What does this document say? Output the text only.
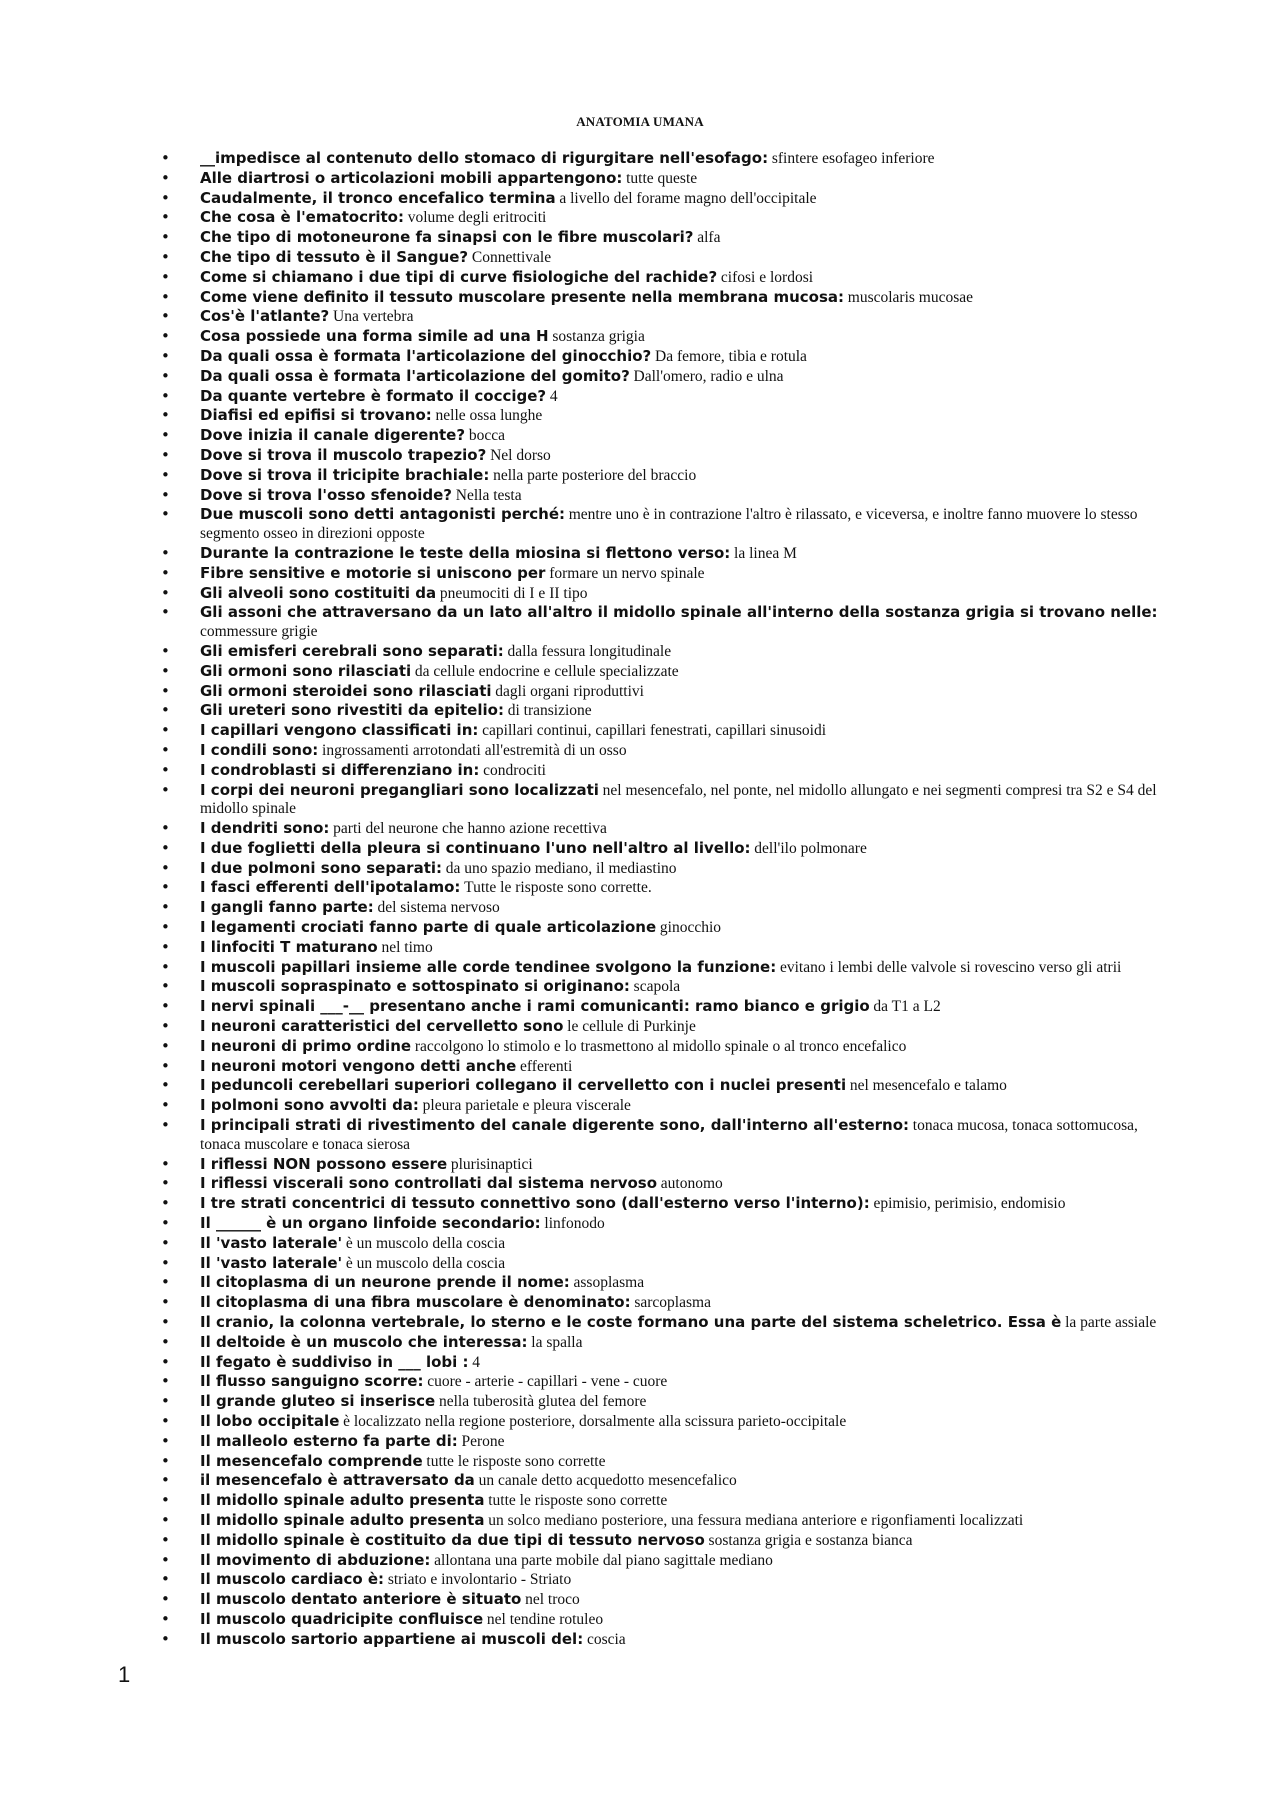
ANATOMIA UMANA
• __impedisce al contenuto dello stomaco di rigurgitare nell'esofago: sfintere esofageo inferiore
• Alle diartrosi o articolazioni mobili appartengono: tutte queste
• Caudalmente, il tronco encefalico termina a livello del forame magno dell'occipitale
• Che cosa è l'ematocrito: volume degli eritrociti
• Che tipo di motoneurone fa sinapsi con le fibre muscolari? alfa
• Che tipo di tessuto è il Sangue? Connettivale
• Come si chiamano i due tipi di curve fisiologiche del rachide? cifosi e lordosi
• Come viene definito il tessuto muscolare presente nella membrana mucosa: muscolaris mucosae
• Cos'è l'atlante? Una vertebra
• Cosa possiede una forma simile ad una H sostanza grigia
• Da quali ossa è formata l'articolazione del ginocchio? Da femore, tibia e rotula
• Da quali ossa è formata l'articolazione del gomito? Dall'omero, radio e ulna
• Da quante vertebre è formato il coccige? 4
• Diafisi ed epifisi si trovano: nelle ossa lunghe
• Dove inizia il canale digerente? bocca
• Dove si trova il muscolo trapezio? Nel dorso
• Dove si trova il tricipite brachiale: nella parte posteriore del braccio
• Dove si trova l'osso sfenoide? Nella testa
• Due muscoli sono detti antagonisti perché: mentre uno è in contrazione l'altro è rilassato, e viceversa, e inoltre fanno muovere lo stesso segmento osseo in direzioni opposte
• Durante la contrazione le teste della miosina si flettono verso: la linea M
• Fibre sensitive e motorie si uniscono per formare un nervo spinale
• Gli alveoli sono costituiti da pneumociti di I e II tipo
• Gli assoni che attraversano da un lato all'altro il midollo spinale all'interno della sostanza grigia si trovano nelle: commessure grigie
• Gli emisferi cerebrali sono separati: dalla fessura longitudinale
• Gli ormoni sono rilasciati da cellule endocrine e cellule specializzate
• Gli ormoni steroidei sono rilasciati dagli organi riproduttivi
• Gli ureteri sono rivestiti da epitelio: di transizione
• I capillari vengono classificati in: capillari continui, capillari fenestrati, capillari sinusoidi
• I condili sono: ingrossamenti arrotondati all'estremità di un osso
• I condroblasti si differenziano in: condrociti
• I corpi dei neuroni pregangliari sono localizzati nel mesencefalo, nel ponte, nel midollo allungato e nei segmenti compresi tra S2 e S4 del midollo spinale
• I dendriti sono: parti del neurone che hanno azione recettiva
• I due foglietti della pleura si continuano l'uno nell'altro al livello: dell'ilo polmonare
• I due polmoni sono separati: da uno spazio mediano, il mediastino
• I fasci efferenti dell'ipotalamo: Tutte le risposte sono corrette.
• I gangli fanno parte: del sistema nervoso
• I legamenti crociati fanno parte di quale articolazione ginocchio
• I linfociti T maturano nel timo
• I muscoli papillari insieme alle corde tendinee svolgono la funzione: evitano i lembi delle valvole si rovescino verso gli atrii
• I muscoli sopraspinato e sottospinato si originano: scapola
• I nervi spinali ___-__ presentano anche i rami comunicanti: ramo bianco e grigio da T1 a L2
• I neuroni caratteristici del cervelletto sono le cellule di Purkinje
• I neuroni di primo ordine raccolgono lo stimolo e lo trasmettono al midollo spinale o al tronco encefalico
• I neuroni motori vengono detti anche efferenti
• I peduncoli cerebellari superiori collegano il cervelletto con i nuclei presenti nel mesencefalo e talamo
• I polmoni sono avvolti da: pleura parietale e pleura viscerale
• I principali strati di rivestimento del canale digerente sono, dall'interno all'esterno: tonaca mucosa, tonaca sottomucosa, tonaca muscolare e tonaca sierosa
• I riflessi NON possono essere plurisinaptici
• I riflessi viscerali sono controllati dal sistema nervoso autonomo
• I tre strati concentrici di tessuto connettivo sono (dall'esterno verso l'interno): epimisio, perimisio, endomisio
• Il ______ è un organo linfoide secondario: linfonodo
• Il 'vasto laterale' è un muscolo della coscia
• Il 'vasto laterale' è un muscolo della coscia
• Il citoplasma di un neurone prende il nome: assoplasma
• Il citoplasma di una fibra muscolare è denominato: sarcoplasma
• Il cranio, la colonna vertebrale, lo sterno e le coste formano una parte del sistema scheletrico. Essa è la parte assiale
• Il deltoide è un muscolo che interessa: la spalla
• Il fegato è suddiviso in ___ lobi : 4
• Il flusso sanguigno scorre: cuore - arterie - capillari - vene - cuore
• Il grande gluteo si inserisce nella tuberosità glutea del femore
• Il lobo occipitale è localizzato nella regione posteriore, dorsalmente alla scissura parieto-occipitale
• Il malleolo esterno fa parte di: Perone
• Il mesencefalo comprende tutte le risposte sono corrette
• il mesencefalo è attraversato da un canale detto acquedotto mesencefalico
• Il midollo spinale adulto presenta tutte le risposte sono corrette
• Il midollo spinale adulto presenta un solco mediano posteriore, una fessura mediana anteriore e rigonfiamenti localizzati
• Il midollo spinale è costituito da due tipi di tessuto nervoso sostanza grigia e sostanza bianca
• Il movimento di abduzione: allontana una parte mobile dal piano sagittale mediano
• Il muscolo cardiaco è: striato e involontario - Striato
• Il muscolo dentato anteriore è situato nel troco
• Il muscolo quadricipite confluisce nel tendine rotuleo
• Il muscolo sartorio appartiene ai muscoli del: coscia
1
